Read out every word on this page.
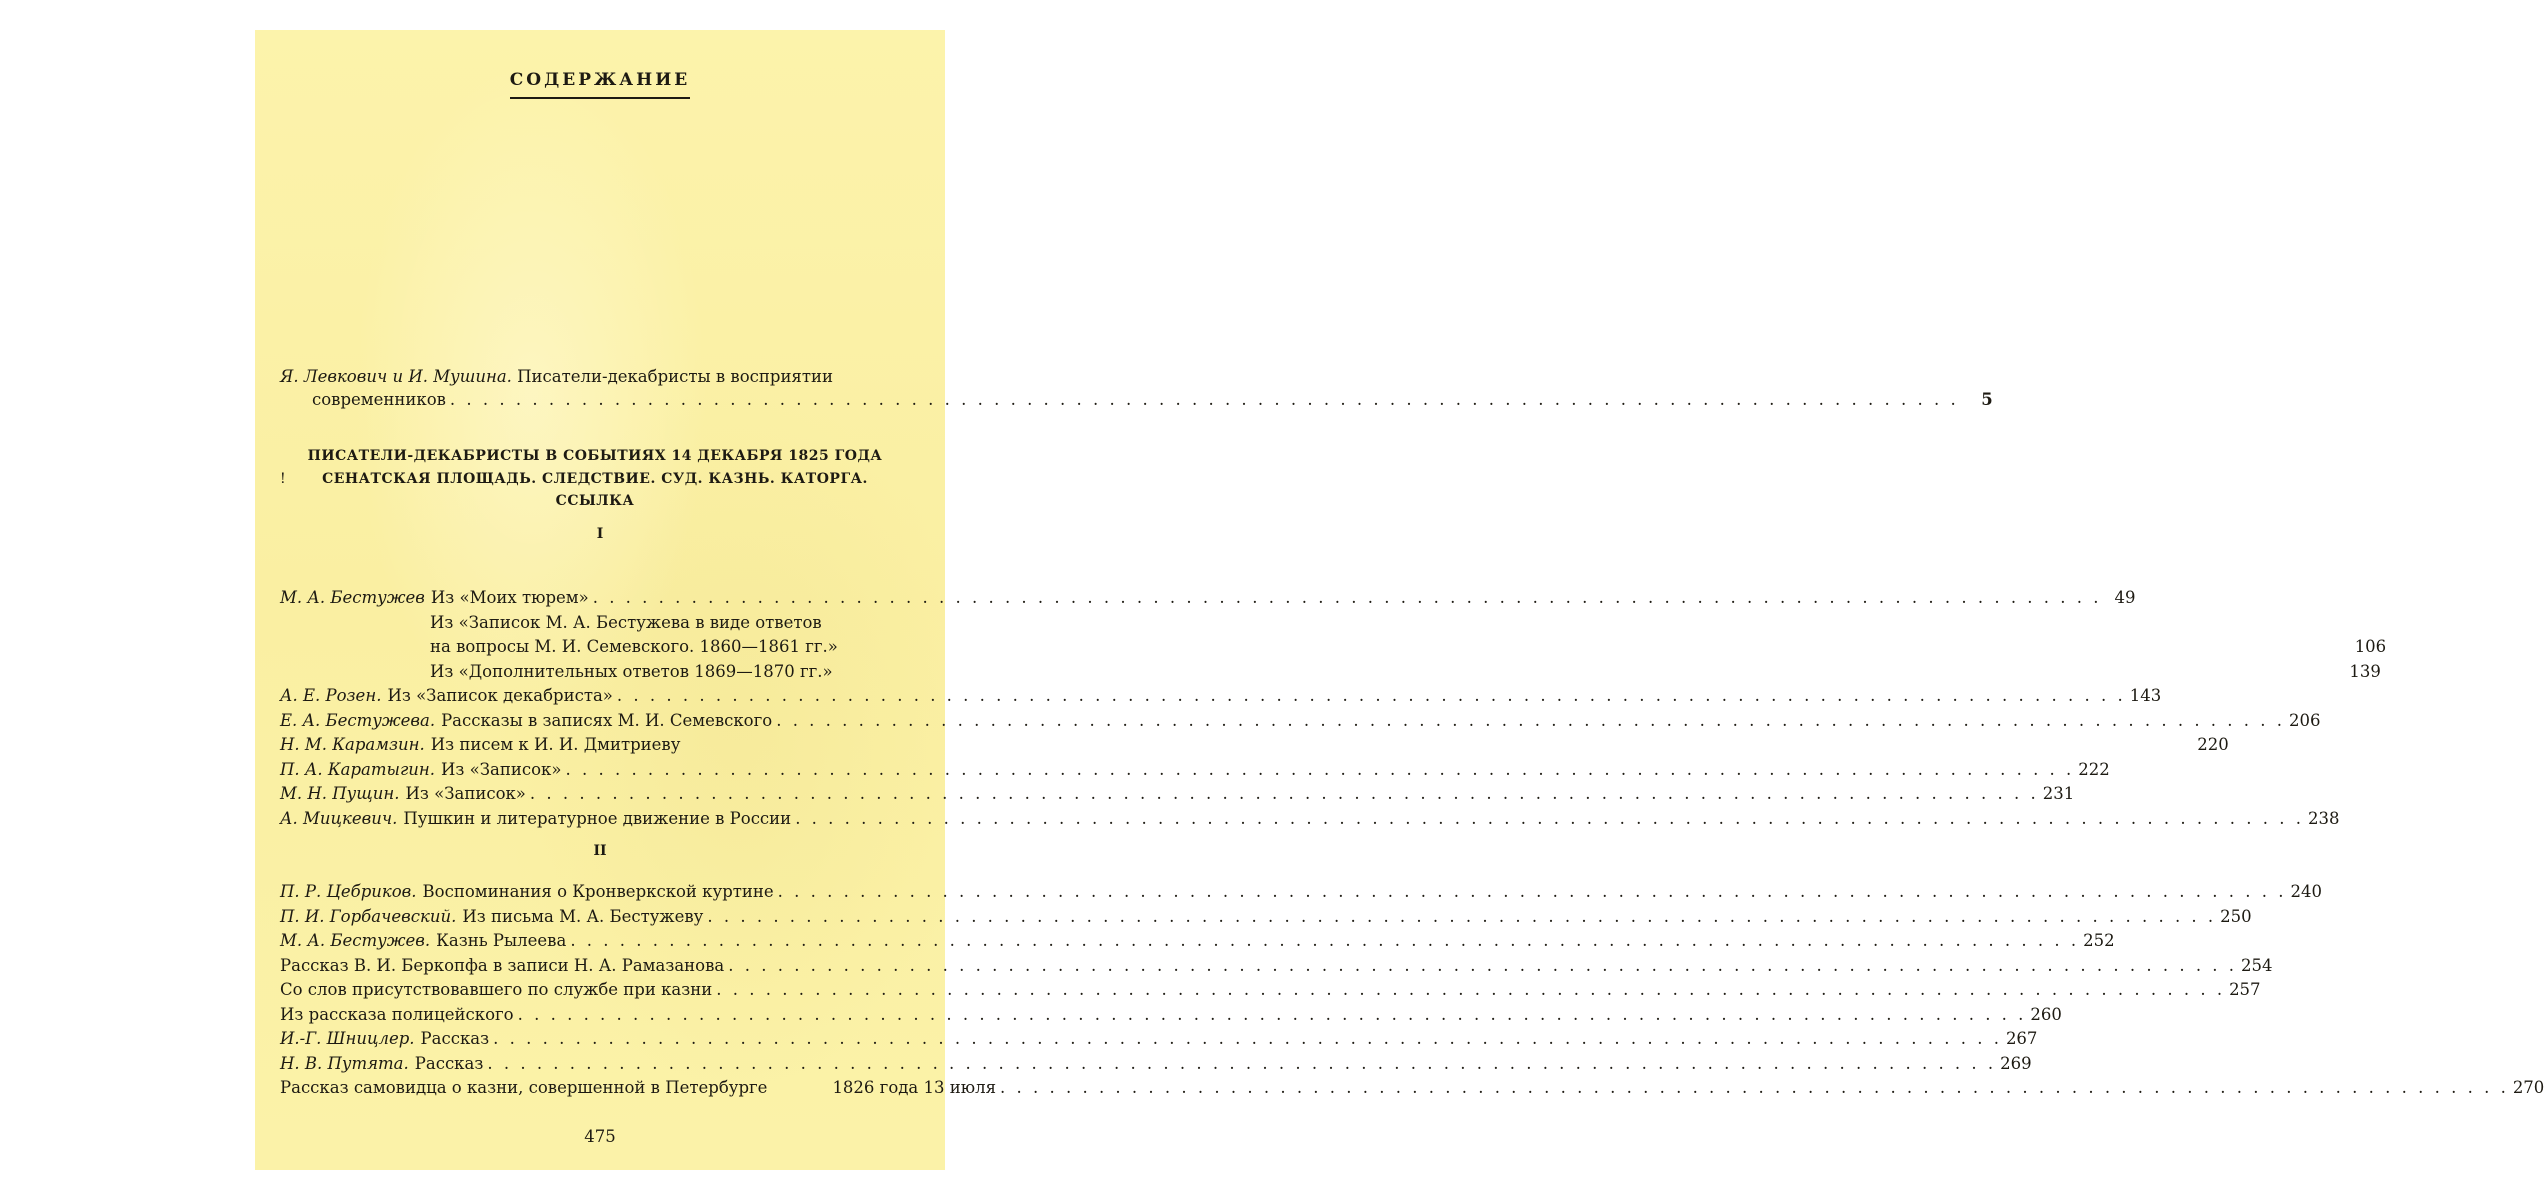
СОДЕРЖАНИЕ
Я. Левкович и И. Мушина. Писатели-декабристы в восприятии
современников . . .	5
ПИСАТЕЛИ-ДЕКАБРИСТЫ В СОБЫТИЯХ 14 ДЕКАБРЯ 1825 ГОДА
!	СЕНАТСКАЯ ПЛОЩАДЬ. СЛЕДСТВИЕ. СУД. КАЗНЬ. КАТОРГА.
ССЫЛКА
I
М. А. Бестужев Из «Моих тюрем» . . .	49
Из «Записок М. А. Бестужева в виде ответов
на вопросы М. И. Семевского. 1860—1861 гг.»	106
Из «Дополнительных ответов 1869—1870 гг.»	139
А. Е. Розен. Из «Записок декабриста» . . .	143
Е. А. Бестужева. Рассказы в записях М. И. Семевского . . .	206
Н. М. Карамзин. Из писем к И. И. Дмитриеву	220
П. А. Каратыгин. Из «Записок» . . .	222
М. Н. Пущин. Из «Записок» . . .	231
А. Мицкевич. Пушкин и литературное движение в России . . .	238
II
П. Р. Цебриков. Воспоминания о Кронверкской куртине . . .	240
П. И. Горбачевский. Из письма М. А. Бестужеву . . .	250
М. А. Бестужев. Казнь Рылеева . . .	252
Рассказ В. И. Беркопфа в записи Н. А. Рамазанова . . .	254
Со слов присутствовавшего по службе при казни . . .	257
Из рассказа полицейского . . .	260
И.-Г. Шницлер. Рассказ . . .	267
Н. В. Путята. Рассказ . . .	269
Рассказ самовидца о казни, совершенной в Петербурге	1826 года 13 июля . . .	270
475
